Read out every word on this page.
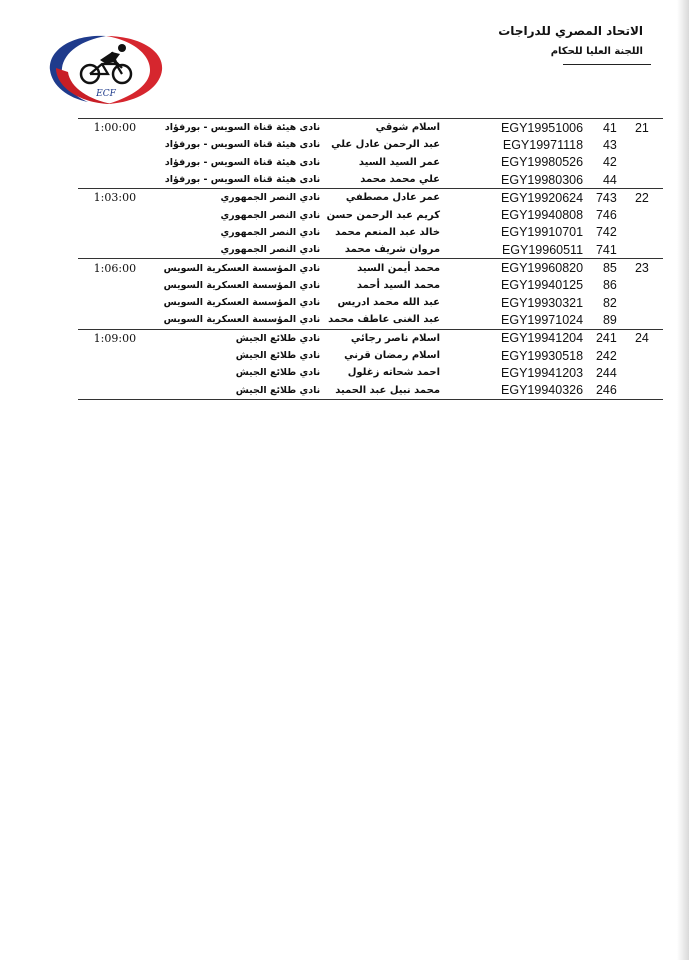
الاتحاد المصري للدراجات
اللجنة العليا للحكام
ECF
1:00:00	نادى هيئة قناة السويس - بورفؤاد	اسلام شوقي	EGY19951006	41	21
	نادى هيئة قناة السويس - بورفؤاد	عبد الرحمن عادل علي	EGY19971118	43	
	نادى هيئة قناة السويس - بورفؤاد	عمر السيد السيد	EGY19980526	42	
	نادى هيئة قناة السويس - بورفؤاد	علي محمد محمد	EGY19980306	44	
1:03:00	نادي النصر الجمهوري	عمر عادل مصطفي	EGY19920624	743	22
	نادي النصر الجمهوري	كريم عبد الرحمن حسن	EGY19940808	746	
	نادي النصر الجمهوري	خالد عبد المنعم محمد	EGY19910701	742	
	نادي النصر الجمهوري	مروان شريف محمد	EGY19960511	741	
1:06:00	نادي المؤسسة العسكرية السويس	محمد أيمن السيد	EGY19960820	85	23
	نادي المؤسسة العسكرية السويس	محمد السيد أحمد	EGY19940125	86	
	نادي المؤسسة العسكرية السويس	عبد الله محمد ادريس	EGY19930321	82	
	نادي المؤسسة العسكرية السويس	عبد الغنى عاطف محمد	EGY19971024	89	
1:09:00	نادي طلائع الجيش	اسلام ناصر رجائي	EGY19941204	241	24
	نادي طلائع الجيش	اسلام رمضان قرني	EGY19930518	242	
	نادي طلائع الجيش	احمد شحاته زغلول	EGY19941203	244	
	نادي طلائع الجيش	محمد نبيل عبد الحميد	EGY19940326	246	
